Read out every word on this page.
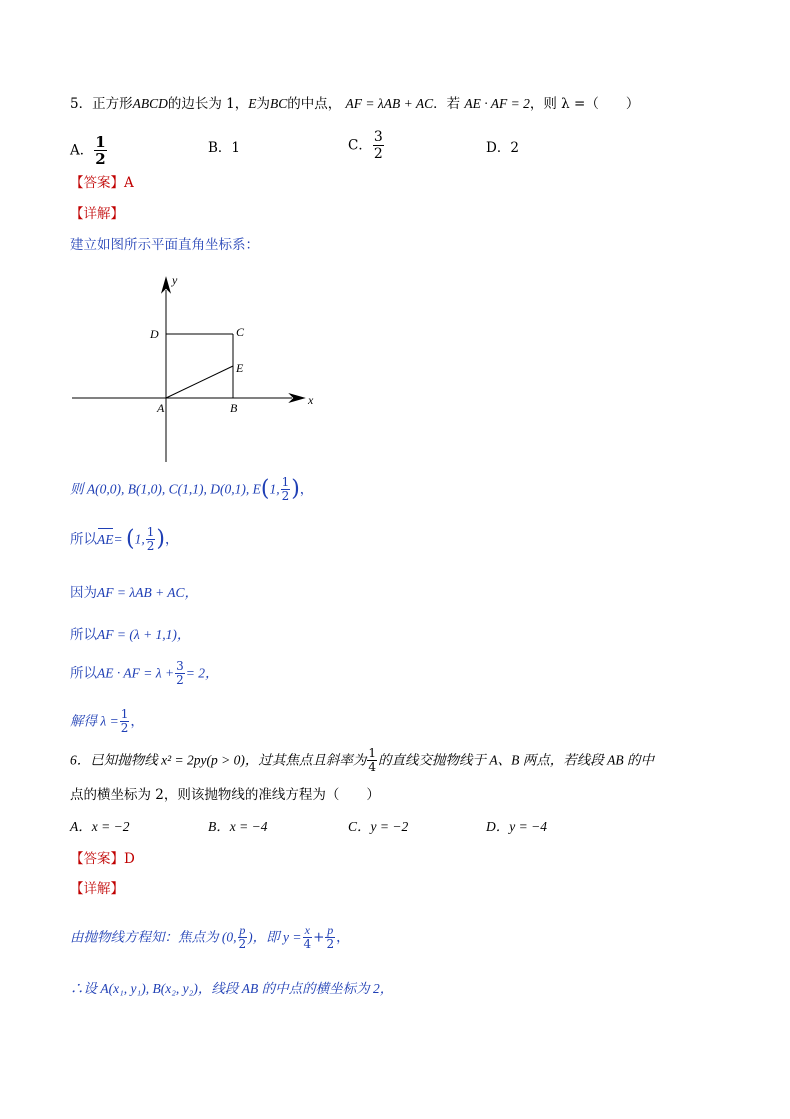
5．正方形ABCD的边长为 1，E为BC的中点， AF = λAB + AC．若 AE · AF = 2，则 λ =（　　）
A． $\frac{1}{2}$	B．1	C． $\frac{3}{2}$	D．2
【答案】A
【详解】
建立如图所示平面直角坐标系：
x
y
A	B
C
D
E
则 A(0,0), B(1,0), C(1,1), D(0,1), E(1, $\frac{1}{2}$ )，
所以AE= (1, $\frac{1}{2}$ )，
因为AF = λAB + AC，
所以AF = (λ + 1,1)，
所以AE · AF = $\lambda + \frac{3}{2} = 2$，
解得 $\lambda = \frac{1}{2}$ ，
6．已知抛物线 x² = 2py(p > 0)，过其焦点且斜率为 $\frac{1}{4}$ 的直线交抛物线于 A、B 两点，若线段 AB 的中
点的横坐标为 2，则该抛物线的准线方程为（　　）
A．x = −2	B．x = −4	C．y = −2	D．y = −4
【答案】D
【详解】
由抛物线方程知：焦点为 (0, $\frac{p}{2}$ )，即 $y = \frac{x}{4} + \frac{p}{2}$ ，
∴设 A(x₁, y₁), B(x₂, y₂)，线段 AB 的中点的横坐标为 2，
